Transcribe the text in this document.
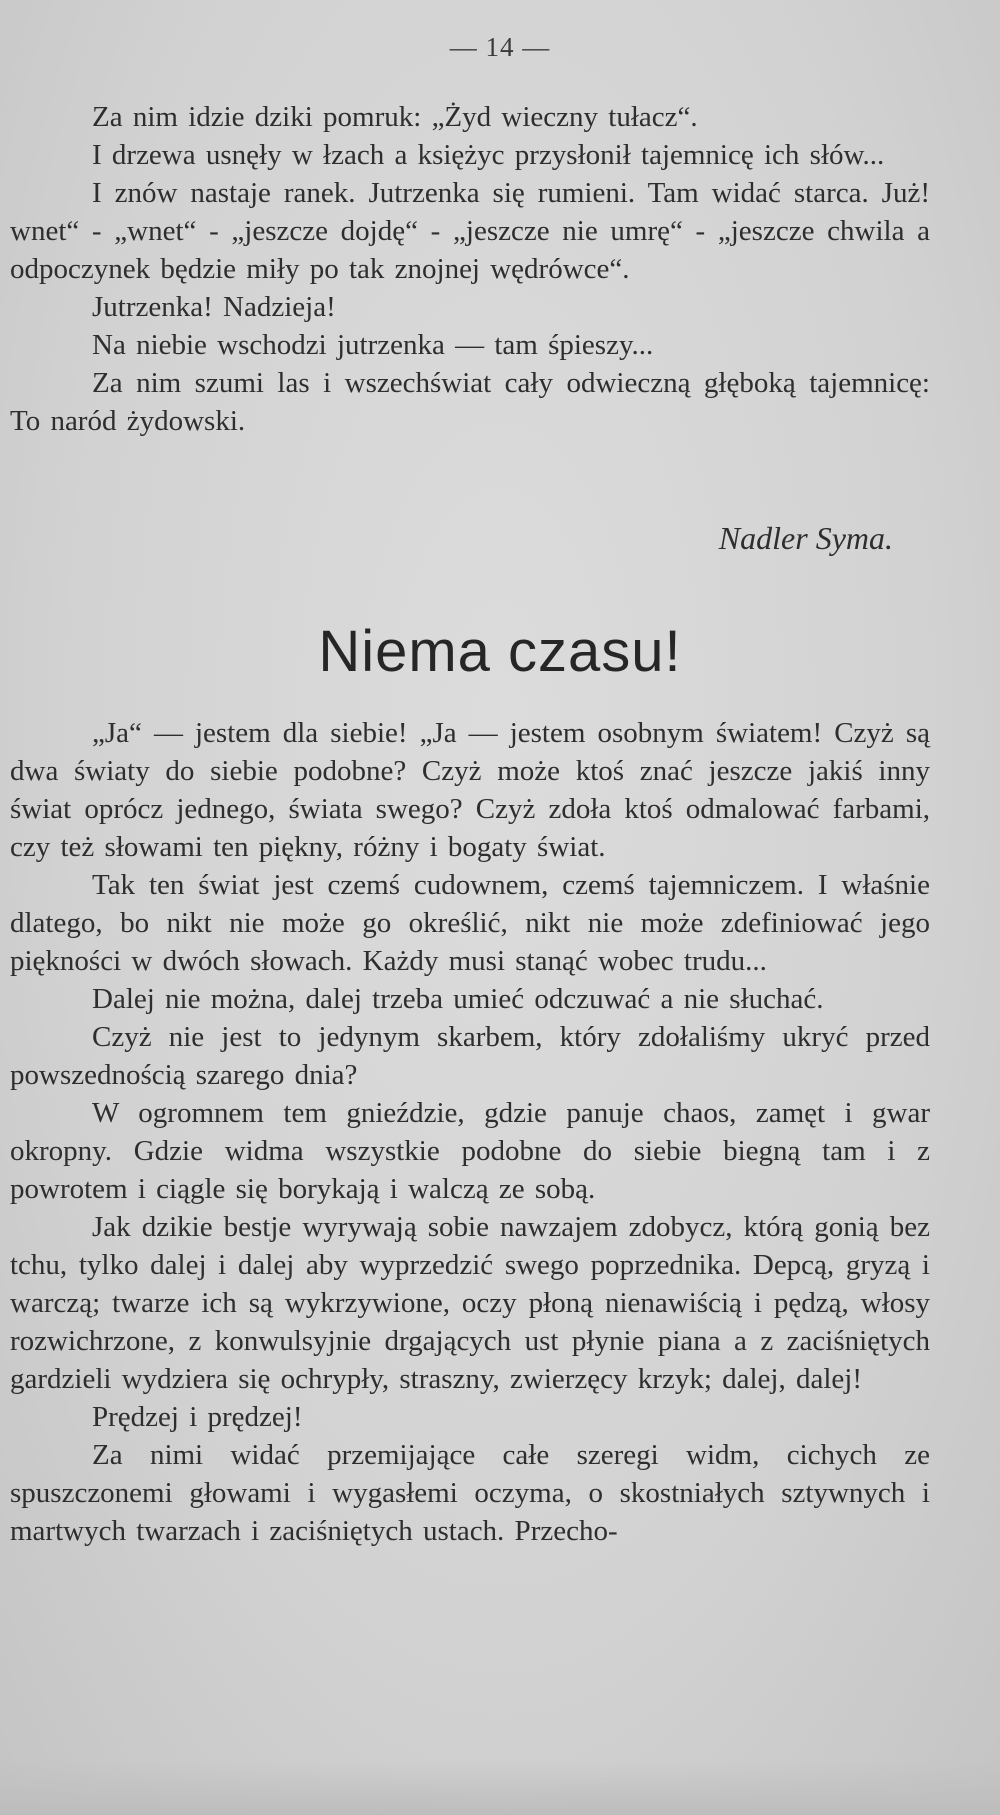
— 14 —

Za nim idzie dziki pomruk: „Żyd wieczny tułacz“.

I drzewa usnęły w łzach a księżyc przysłonił tajemnicę ich słów...

I znów nastaje ranek. Jutrzenka się rumieni. Tam widać starca. Już! wnet“ - „wnet“ - „jeszcze dojdę“ - „jeszcze nie umrę“ - „jeszcze chwila a odpoczynek będzie miły po tak znojnej wędrówce“.

Jutrzenka! Nadzieja!

Na niebie wschodzi jutrzenka — tam śpieszy...

Za nim szumi las i wszechświat cały odwieczną głęboką tajemnicę: To naród żydowski.

Nadler Syma.
Niema czasu!

„Ja“ — jestem dla siebie! „Ja — jestem osobnym światem! Czyż są dwa światy do siebie podobne? Czyż może ktoś znać jeszcze jakiś inny świat oprócz jednego, świata swego? Czyż zdoła ktoś odmalować farbami, czy też słowami ten piękny, różny i bogaty świat.

Tak ten świat jest czemś cudownem, czemś tajemniczem. I właśnie dlatego, bo nikt nie może go określić, nikt nie może zdefiniować jego piękności w dwóch słowach. Każdy musi stanąć wobec trudu...

Dalej nie można, dalej trzeba umieć odczuwać a nie słuchać.

Czyż nie jest to jedynym skarbem, który zdołaliśmy ukryć przed powszednością szarego dnia?

W ogromnem tem gnieździe, gdzie panuje chaos, zamęt i gwar okropny. Gdzie widma wszystkie podobne do siebie biegną tam i z powrotem i ciągle się borykają i walczą ze sobą.

Jak dzikie bestje wyrywają sobie nawzajem zdobycz, którą gonią bez tchu, tylko dalej i dalej aby wyprzedzić swego poprzednika. Depcą, gryzą i warczą; twarze ich są wykrzywione, oczy płoną nienawiścią i pędzą, włosy rozwichrzone, z konwulsyjnie drgających ust płynie piana a z zaciśniętych gardzieli wydziera się ochrypły, straszny, zwierzęcy krzyk; dalej, dalej!

Prędzej i prędzej!

Za nimi widać przemijające całe szeregi widm, cichych ze spuszczonemi głowami i wygasłemi oczyma, o skostniałych sztywnych i martwych twarzach i zaciśniętych ustach. Przecho-
